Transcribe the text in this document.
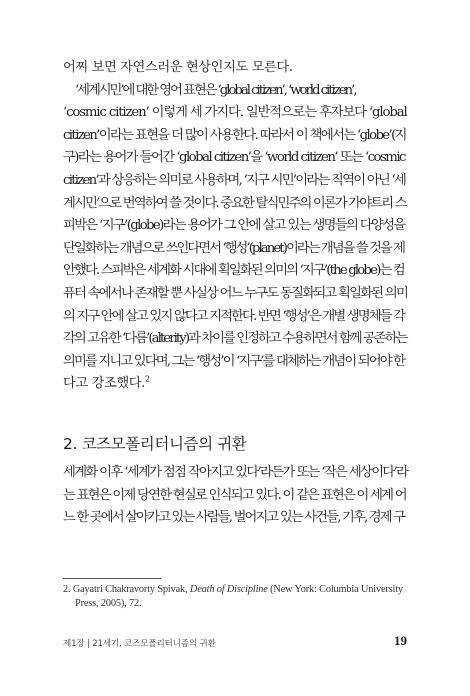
어찌 보면 자연스러운 현상인지도 모른다.
‘세계시민’에 대한 영어 표현은 ‘global citizen’, ‘world citizen’,
‘cosmic citizen’ 이렇게 세 가지다. 일반적으로는 후자보다 ‘global
citizen’이라는 표현을 더 많이 사용한다. 따라서 이 책에서는 ‘globe’(지
구)라는 용어가 들어간 ‘global citizen’을 ‘world citizen’ 또는 ‘cosmic
citizen’과 상응하는 의미로 사용하며, ‘지구 시민’이라는 직역이 아닌 ‘세
계시민’으로 번역하여 쓸 것이다. 중요한 탈식민주의 이론가 가야트리 스
피박은 ‘지구’(globe)라는 용어가 그 안에 살고 있는 생명들의 다양성을
단일화하는 개념으로 쓰인다면서 ‘행성’(planet)이라는 개념을 쓸 것을 제
안했다. 스피박은 세계화 시대에 획일화된 의미의 ‘지구’(the globe)는 컴
퓨터 속에서나 존재할 뿐 사실상 어느 누구도 동질화되고 획일화된 의미
의 지구 안에 살고 있지 않다고 지적한다. 반면 ‘행성’은 개별 생명체들 각
각의 고유한 ‘다름’(alterity)과 차이를 인정하고 수용하면서 함께 공존하는
의미를 지니고 있다며, 그는 ‘행성’이 ‘지구’를 대체하는 개념이 되어야 한
다고 강조했다.$^2$
2. 코즈모폴리터니즘의 귀환
세계화 이후 ‘세계가 점점 작아지고 있다’라든가 또는 ‘작은 세상이다’라
는 표현은 이제 당연한 현실로 인식되고 있다. 이 같은 표현은 이 세계 어
느 한 곳에서 살아가고 있는 사람들, 벌어지고 있는 사건들, 기후, 경제 구
2. Gayatri Chakravorty Spivak, Death of Discipline (New York: Columbia University
Press, 2005), 72.
제1장 | 21세기, 코즈모폴리터니즘의 귀환	19
